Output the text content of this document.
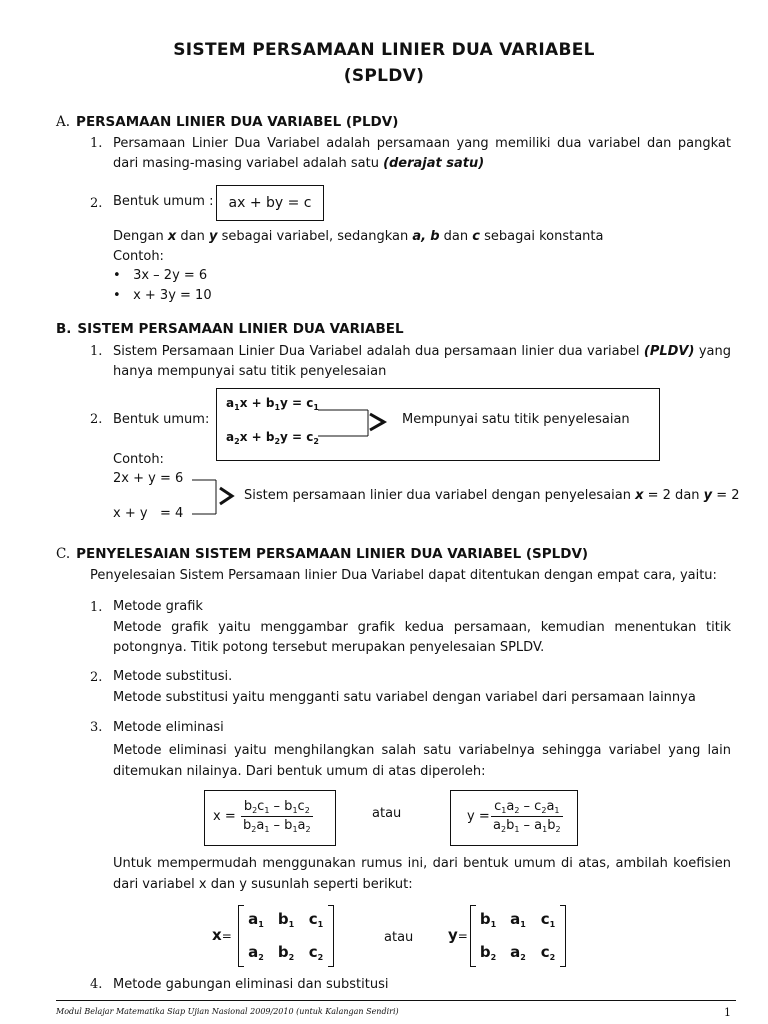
SISTEM PERSAMAAN LINIER DUA VARIABEL
(SPLDV)
A. PERSAMAAN LINIER DUA VARIABEL (PLDV)
1. Persamaan Linier Dua Variabel adalah persamaan yang memiliki dua variabel dan pangkat dari masing-masing variabel adalah satu (derajat satu)
2. Bentuk umum :	ax + by = c
Dengan x dan y sebagai variabel, sedangkan a, b dan c sebagai konstanta
Contoh:
• 3x – 2y = 6
• x + 3y = 10
B. SISTEM PERSAMAAN LINIER DUA VARIABEL
1. Sistem Persamaan Linier Dua Variabel adalah dua persamaan linier dua variabel (PLDV) yang hanya mempunyai satu titik penyelesaian
2. Bentuk umum:
$a_1x + b_1y = c_1$
$a_2x + b_2y = c_2$
Mempunyai satu titik penyelesaian
Contoh:
2x + y = 6
x + y   = 4
Sistem persamaan linier dua variabel dengan penyelesaian x = 2 dan y = 2
C. PENYELESAIAN SISTEM PERSAMAAN LINIER DUA VARIABEL (SPLDV)
Penyelesaian Sistem Persamaan linier Dua Variabel dapat ditentukan dengan empat cara, yaitu:
1. Metode grafik
Metode grafik yaitu menggambar grafik kedua persamaan, kemudian menentukan titik potongnya. Titik potong tersebut merupakan penyelesaian SPLDV.
2. Metode substitusi.
Metode substitusi yaitu mengganti satu variabel dengan variabel dari persamaan lainnya
3. Metode eliminasi
Metode eliminasi yaitu menghilangkan salah satu variabelnya sehingga variabel yang lain ditemukan nilainya. Dari bentuk umum di atas diperoleh:
$x = \frac{b_2c_1 - b_1c_2}{b_2a_1 - b_1a_2}$	atau	$y = \frac{c_1a_2 - c_2a_1}{a_2b_1 - a_1b_2}$
Untuk mempermudah menggunakan rumus ini, dari bentuk umum di atas, ambilah koefisien dari variabel x dan y susunlah seperti berikut:
x=
$a_1$ $b_1$ $c_1$
$a_2$ $b_2$ $c_2$
atau y=
$b_1$ $a_1$ $c_1$
$b_2$ $a_2$ $c_2$
4. Metode gabungan eliminasi dan substitusi
Modul Belajar Matematika Siap Ujian Nasional 2009/2010 (untuk Kalangan Sendiri)	1
